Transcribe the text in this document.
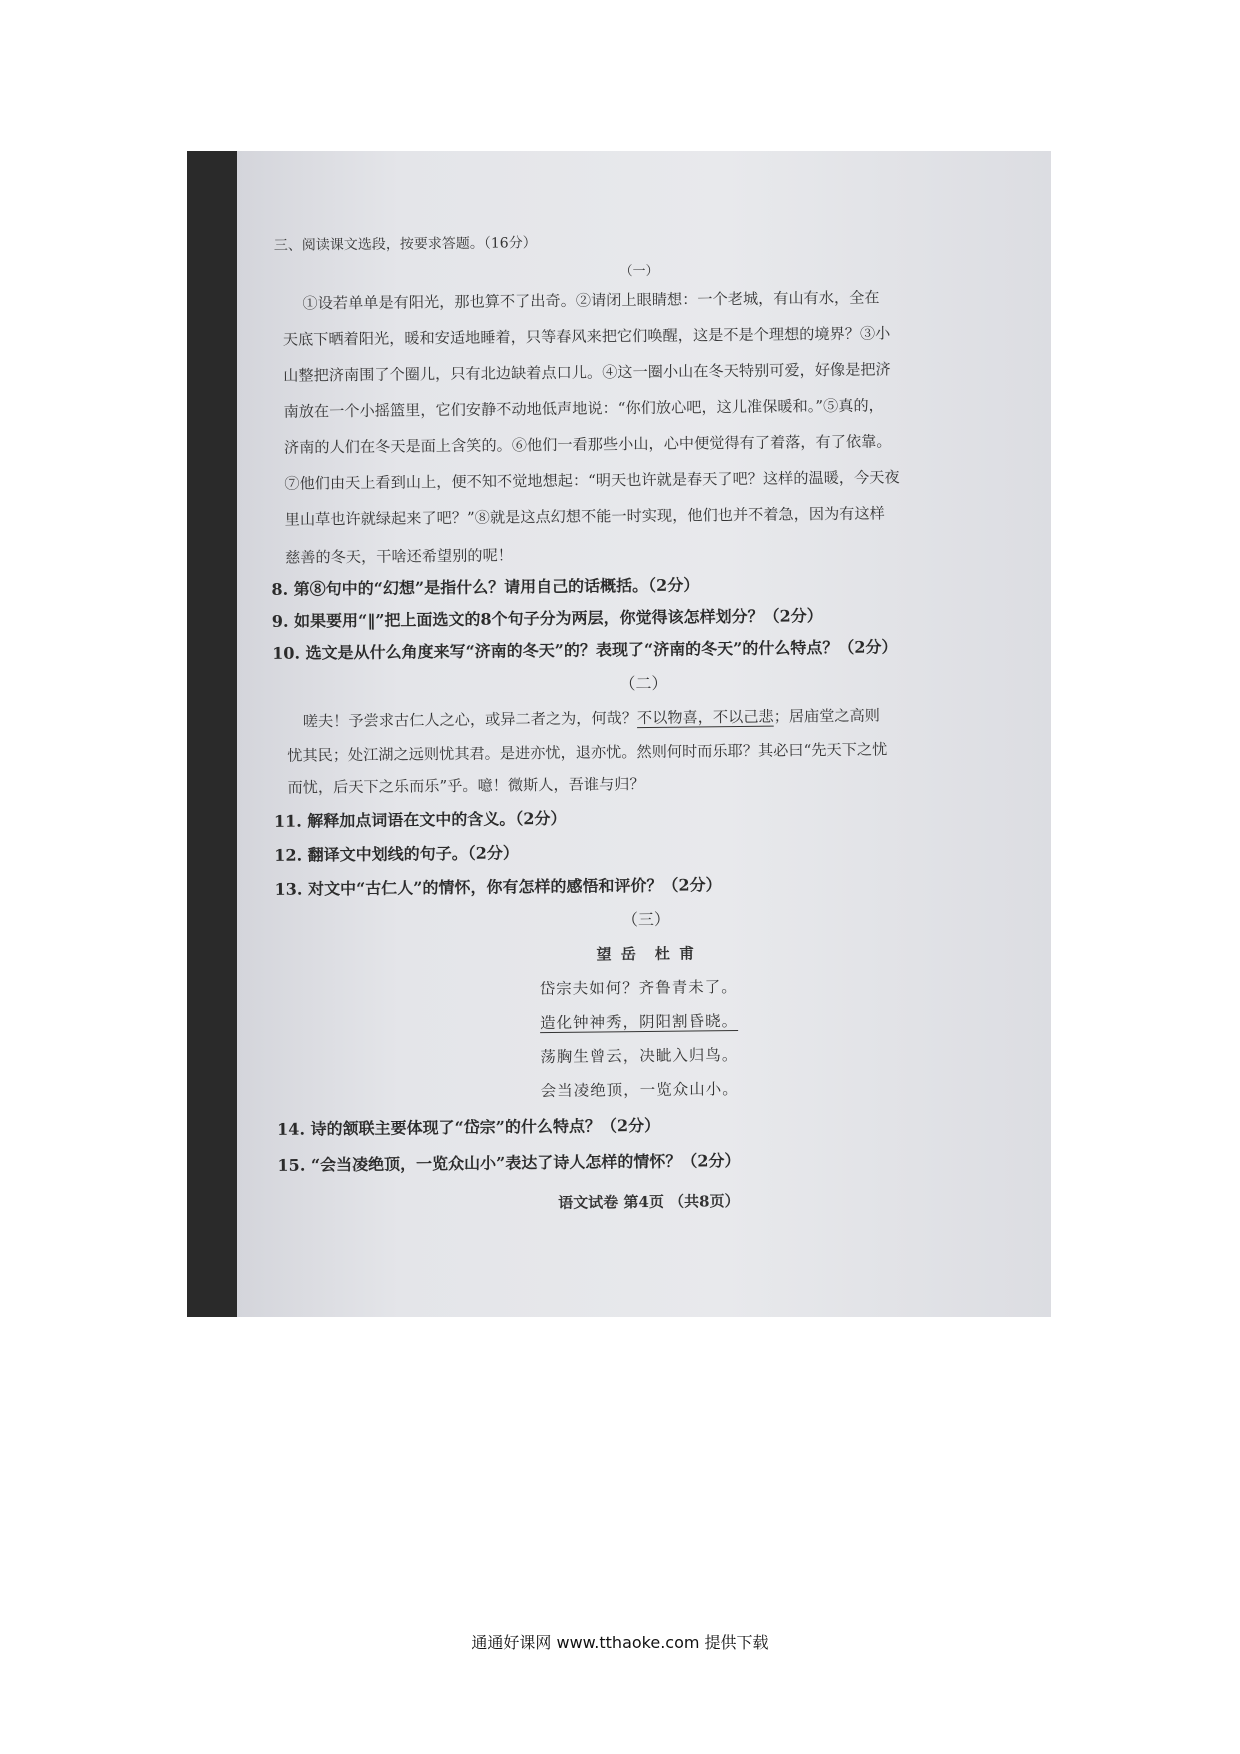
三、阅读课文选段，按要求答题。（16分）
（一）
①设若单单是有阳光，那也算不了出奇。②请闭上眼睛想：一个老城，有山有水，全在
天底下晒着阳光，暖和安适地睡着，只等春风来把它们唤醒，这是不是个理想的境界？③小
山整把济南围了个圈儿，只有北边缺着点口儿。④这一圈小山在冬天特别可爱，好像是把济
南放在一个小摇篮里，它们安静不动地低声地说：“你们放心吧，这儿准保暖和。”⑤真的，
济南的人们在冬天是面上含笑的。⑥他们一看那些小山，心中便觉得有了着落，有了依靠。
⑦他们由天上看到山上，便不知不觉地想起：“明天也许就是春天了吧？这样的温暖，今天夜
里山草也许就绿起来了吧？”⑧就是这点幻想不能一时实现，他们也并不着急，因为有这样
慈善的冬天，干啥还希望别的呢！
8. 第⑧句中的“幻想”是指什么？请用自己的话概括。（2分）
9. 如果要用“‖”把上面选文的8个句子分为两层，你觉得该怎样划分？（2分）
10. 选文是从什么角度来写“济南的冬天”的？表现了“济南的冬天”的什么特点？（2分）
（二）
嗟夫！予尝求古仁人之心，或异二者之为，何哉？不以物喜，不以己悲；居庙堂之高则
忧其民；处江湖之远则忧其君。是进亦忧，退亦忧。然则何时而乐耶？其必曰“先天下之忧
而忧，后天下之乐而乐”乎。噫！微斯人，吾谁与归？
11. 解释加点词语在文中的含义。（2分）
12. 翻译文中划线的句子。（2分）
13. 对文中“古仁人”的情怀，你有怎样的感悟和评价？（2分）
（三）
望 岳　杜 甫
岱宗夫如何？齐鲁青未了。
造化钟神秀，阴阳割昏晓。
荡胸生曾云，决眦入归鸟。
会当凌绝顶，一览众山小。
14. 诗的颔联主要体现了“岱宗”的什么特点？（2分）
15. “会当凌绝顶，一览众山小”表达了诗人怎样的情怀？（2分）
语文试卷 第4页 （共8页）
通通好课网 www.tthaoke.com 提供下载
